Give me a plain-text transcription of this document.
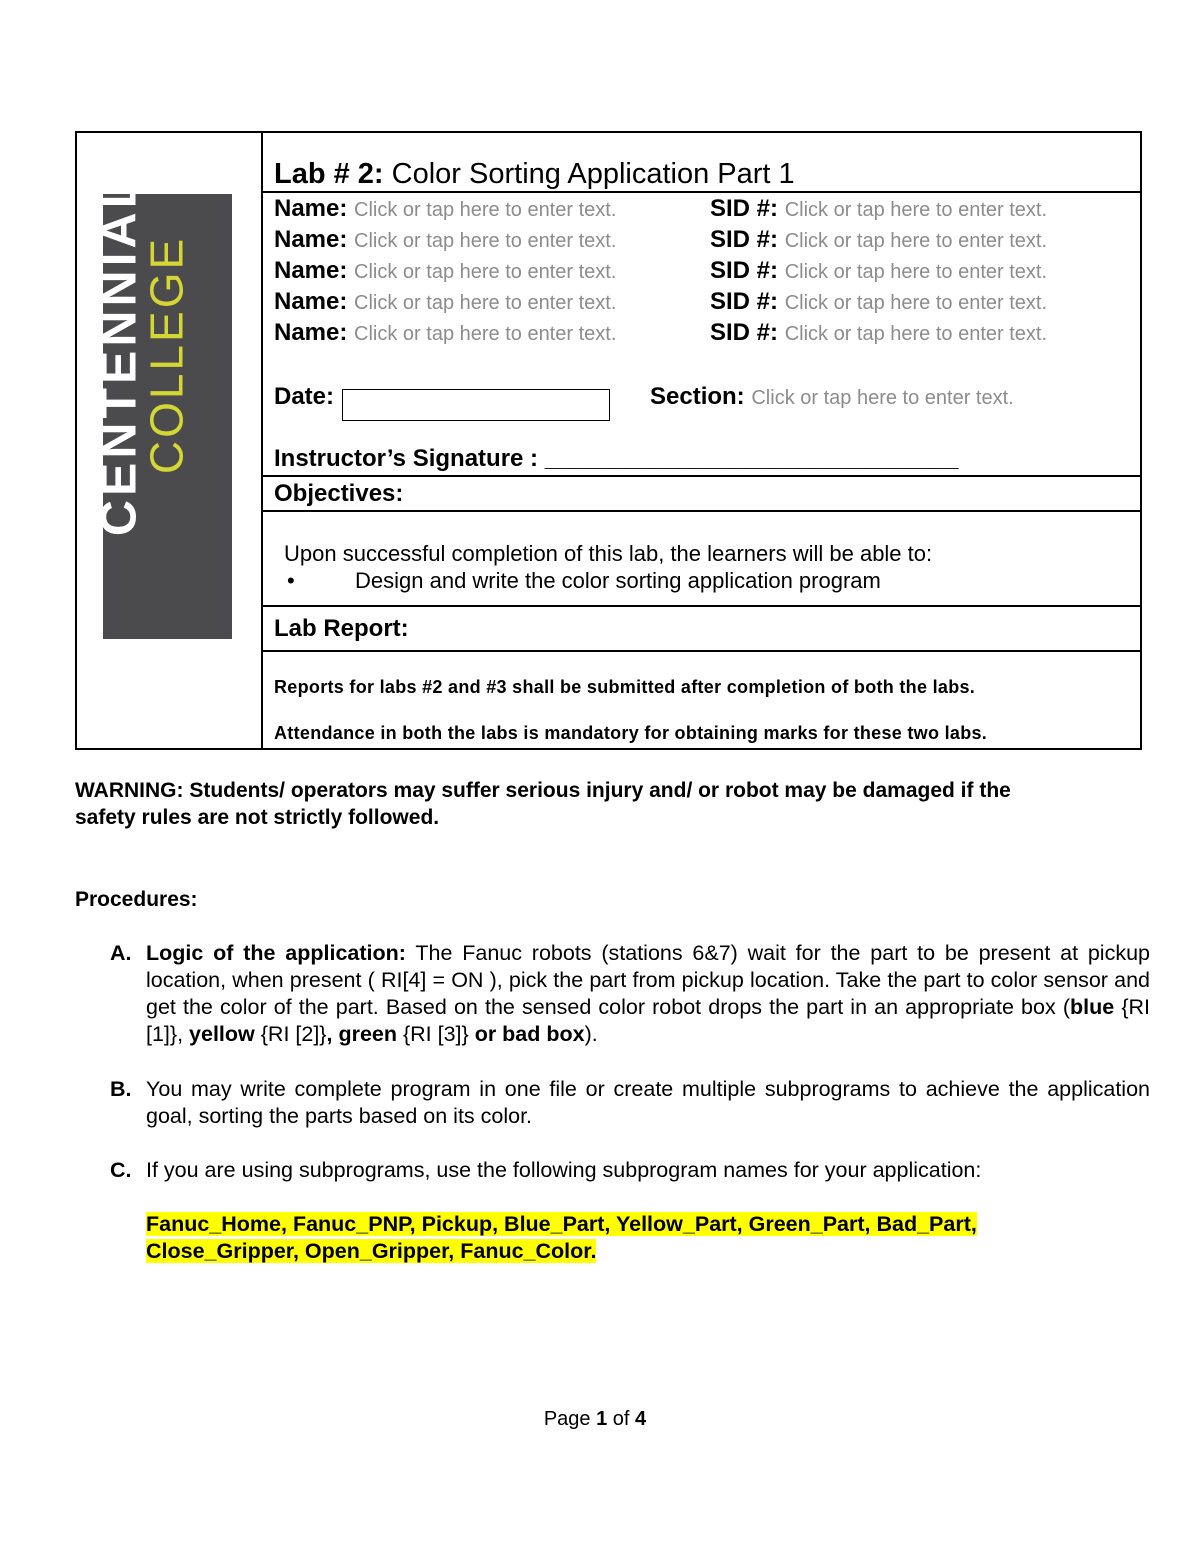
CENTENNIAL
COLLEGE
Lab # 2: Color Sorting Application Part 1
Name: Click or tap here to enter text.	SID #: Click or tap here to enter text.
Name: Click or tap here to enter text.	SID #: Click or tap here to enter text.
Name: Click or tap here to enter text.	SID #: Click or tap here to enter text.
Name: Click or tap here to enter text.	SID #: Click or tap here to enter text.
Name: Click or tap here to enter text.	SID #: Click or tap here to enter text.
Date:	Section: Click or tap here to enter text.
Instructor’s Signature : _______________________________
Objectives:
Upon successful completion of this lab, the learners will be able to:
•	Design and write the color sorting application program
Lab Report:
Reports for labs #2 and #3 shall be submitted after completion of both the labs.
Attendance in both the labs is mandatory for obtaining marks for these two labs.
WARNING: Students/ operators may suffer serious injury and/ or robot may be damaged if the
safety rules are not strictly followed.
Procedures:
A. Logic of the application: The Fanuc robots (stations 6&7) wait for the part to be present at pickup location, when present ( RI[4] = ON ), pick the part from pickup location. Take the part to color sensor and get the color of the part. Based on the sensed color robot drops the part in an appropriate box (blue {RI [1]}, yellow {RI [2]}, green {RI [3]} or bad box).
B. You may write complete program in one file or create multiple subprograms to achieve the application goal, sorting the parts based on its color.
C. If you are using subprograms, use the following subprogram names for your application:
Fanuc_Home, Fanuc_PNP, Pickup, Blue_Part, Yellow_Part, Green_Part, Bad_Part,
Close_Gripper, Open_Gripper, Fanuc_Color.
Page 1 of 4
